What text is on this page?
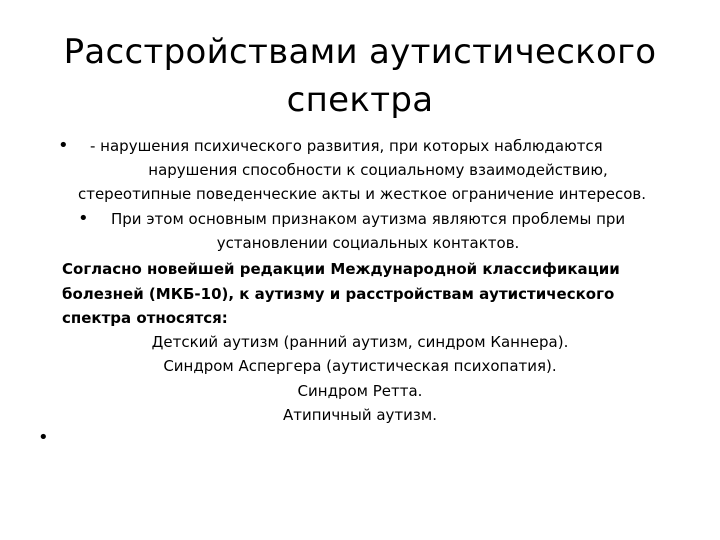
Расстройствами аутистического
спектра
• - нарушения психического развития, при которых наблюдаются
нарушения способности к социальному взаимодействию,
стереотипные поведенческие акты и жесткое ограничение интересов.
• При этом основным признаком аутизма являются проблемы при
установлении социальных контактов.
Согласно новейшей редакции Международной классификации
болезней (МКБ-10), к аутизму и расстройствам аутистического
спектра относятся:
Детский аутизм (ранний аутизм, синдром Каннера).
Синдром Аспергера (аутистическая психопатия).
Синдром Ретта.
Атипичный аутизм.
•
